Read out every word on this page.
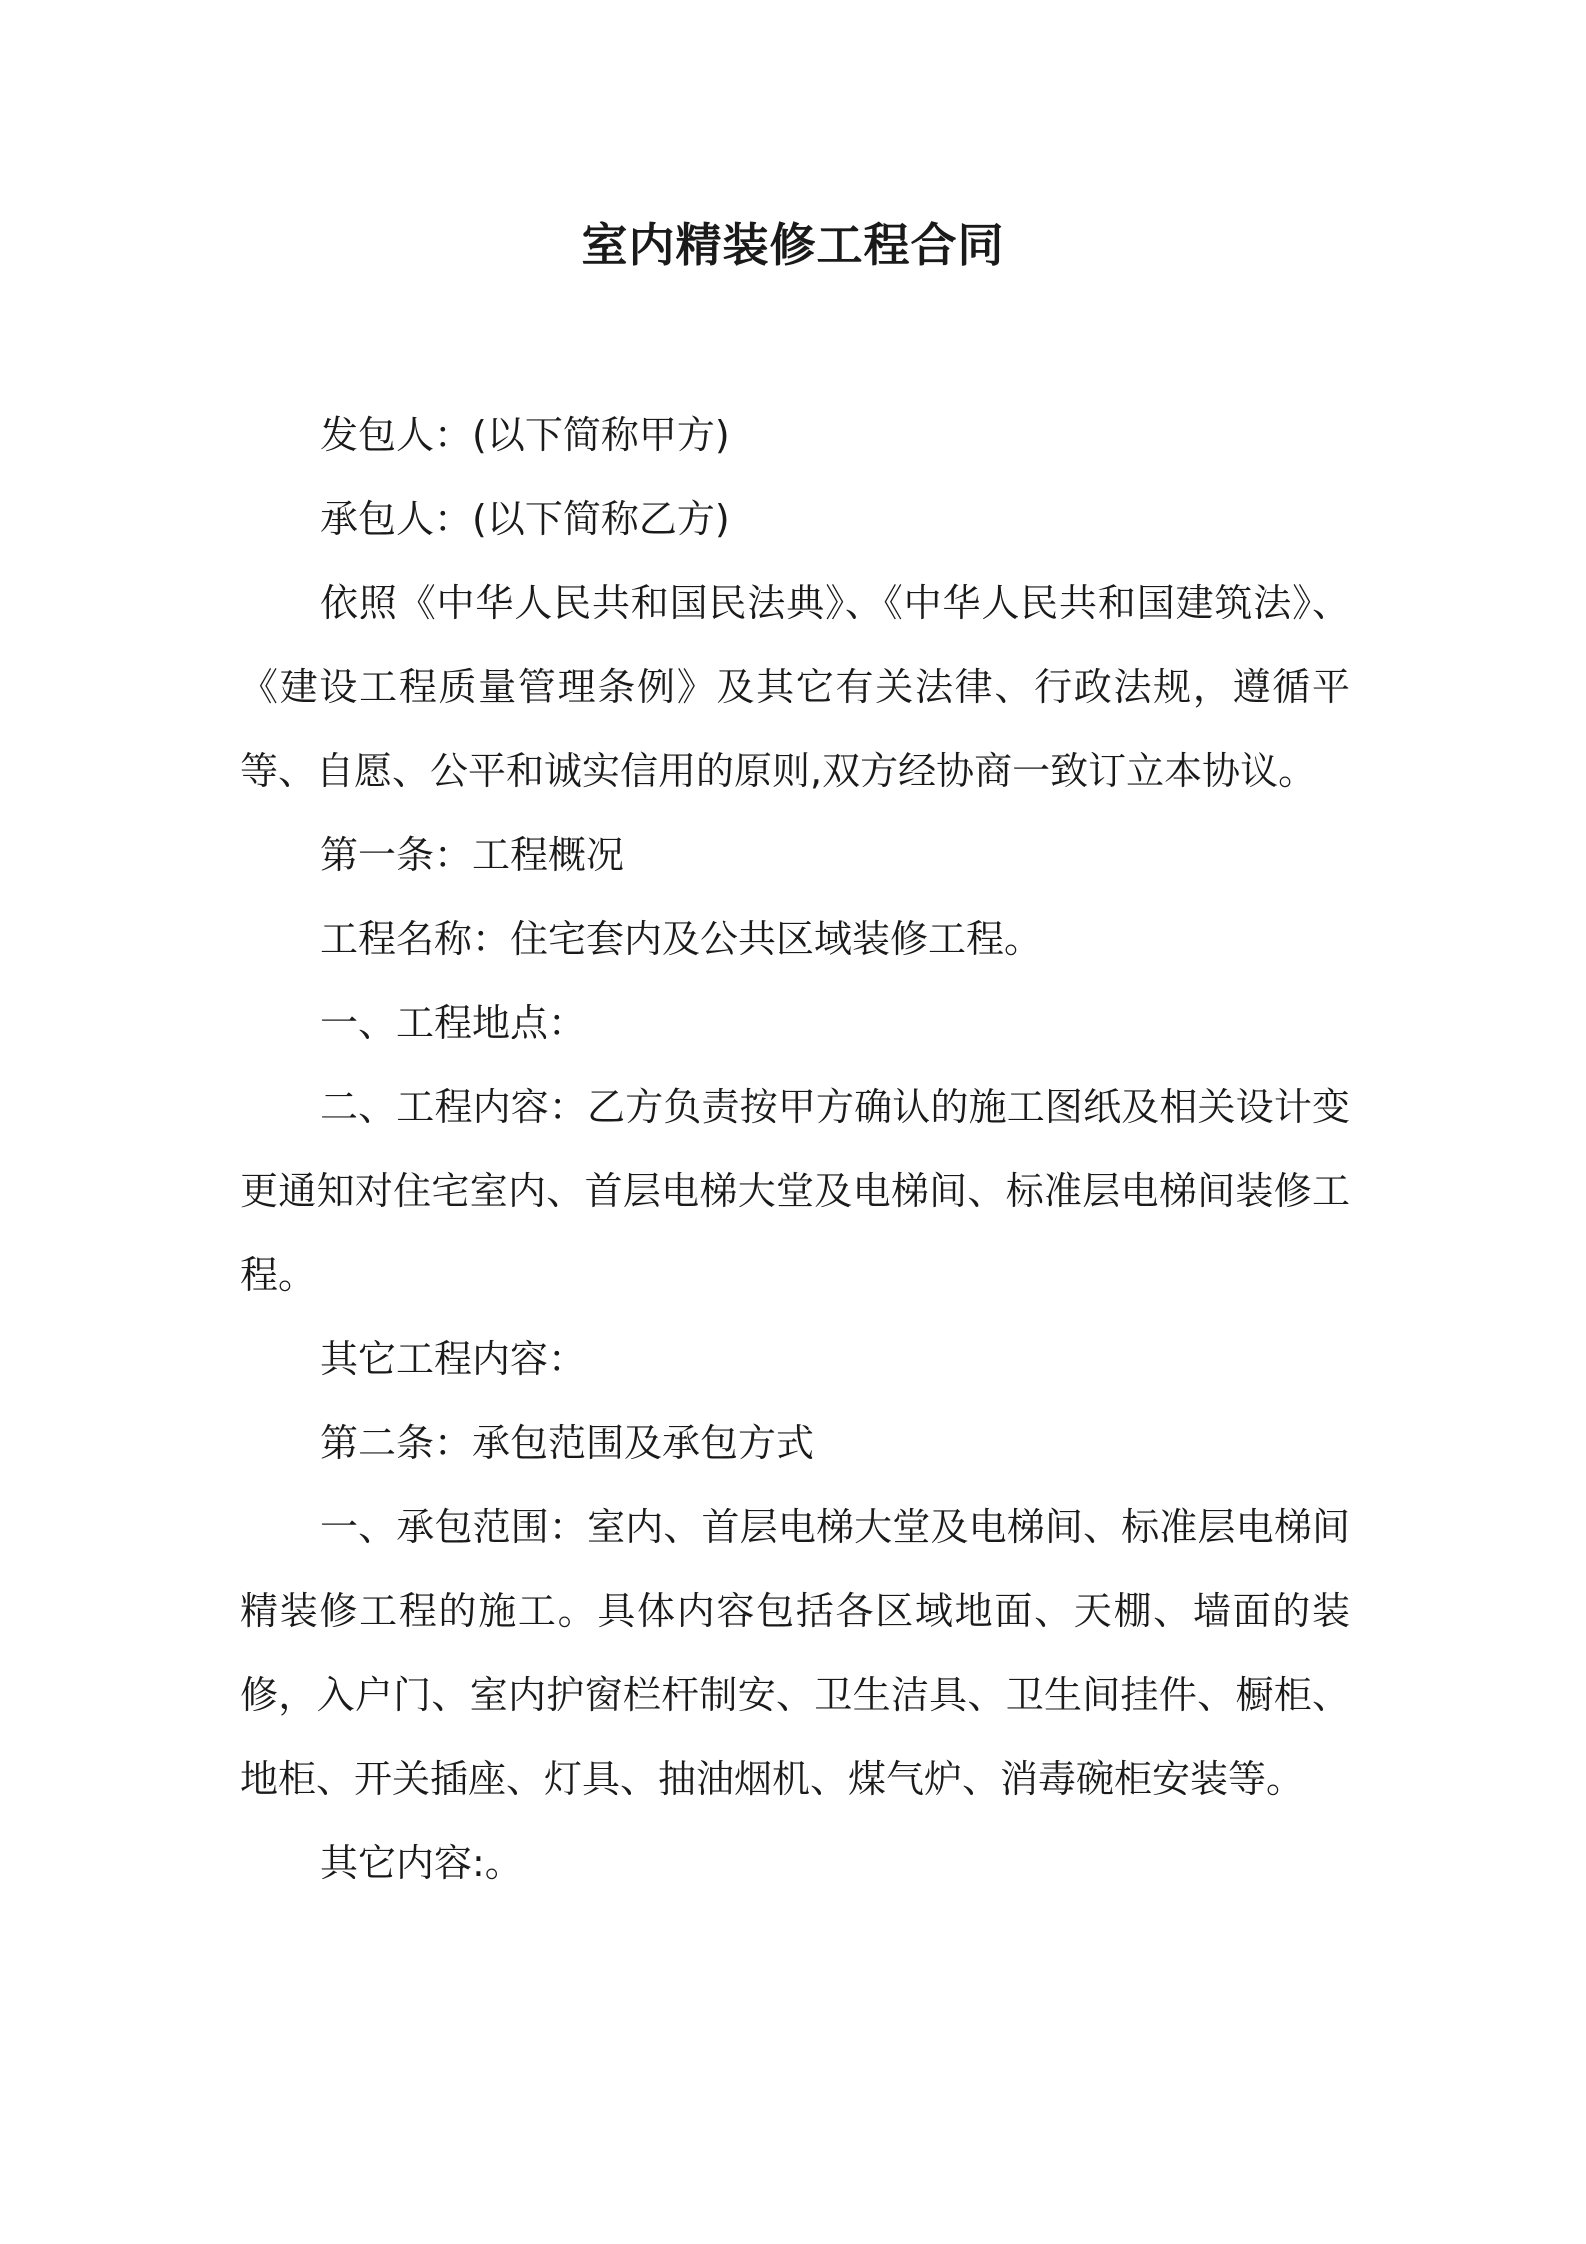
室内精装修工程合同

发包人：(以下简称甲方)

承包人：(以下简称乙方)

依照《中华人民共和国民法典》、《中华人民共和国建筑法》、《建设工程质量管理条例》及其它有关法律、行政法规，遵循平等、自愿、公平和诚实信用的原则,双方经协商一致订立本协议。

第一条：工程概况

工程名称：住宅套内及公共区域装修工程。

一、工程地点：

二、工程内容：乙方负责按甲方确认的施工图纸及相关设计变更通知对住宅室内、首层电梯大堂及电梯间、标准层电梯间装修工程。

其它工程内容：

第二条：承包范围及承包方式

一、承包范围：室内、首层电梯大堂及电梯间、标准层电梯间精装修工程的施工。具体内容包括各区域地面、天棚、墙面的装修，入户门、室内护窗栏杆制安、卫生洁具、卫生间挂件、橱柜、地柜、开关插座、灯具、抽油烟机、煤气炉、消毒碗柜安装等。

其它内容:。
